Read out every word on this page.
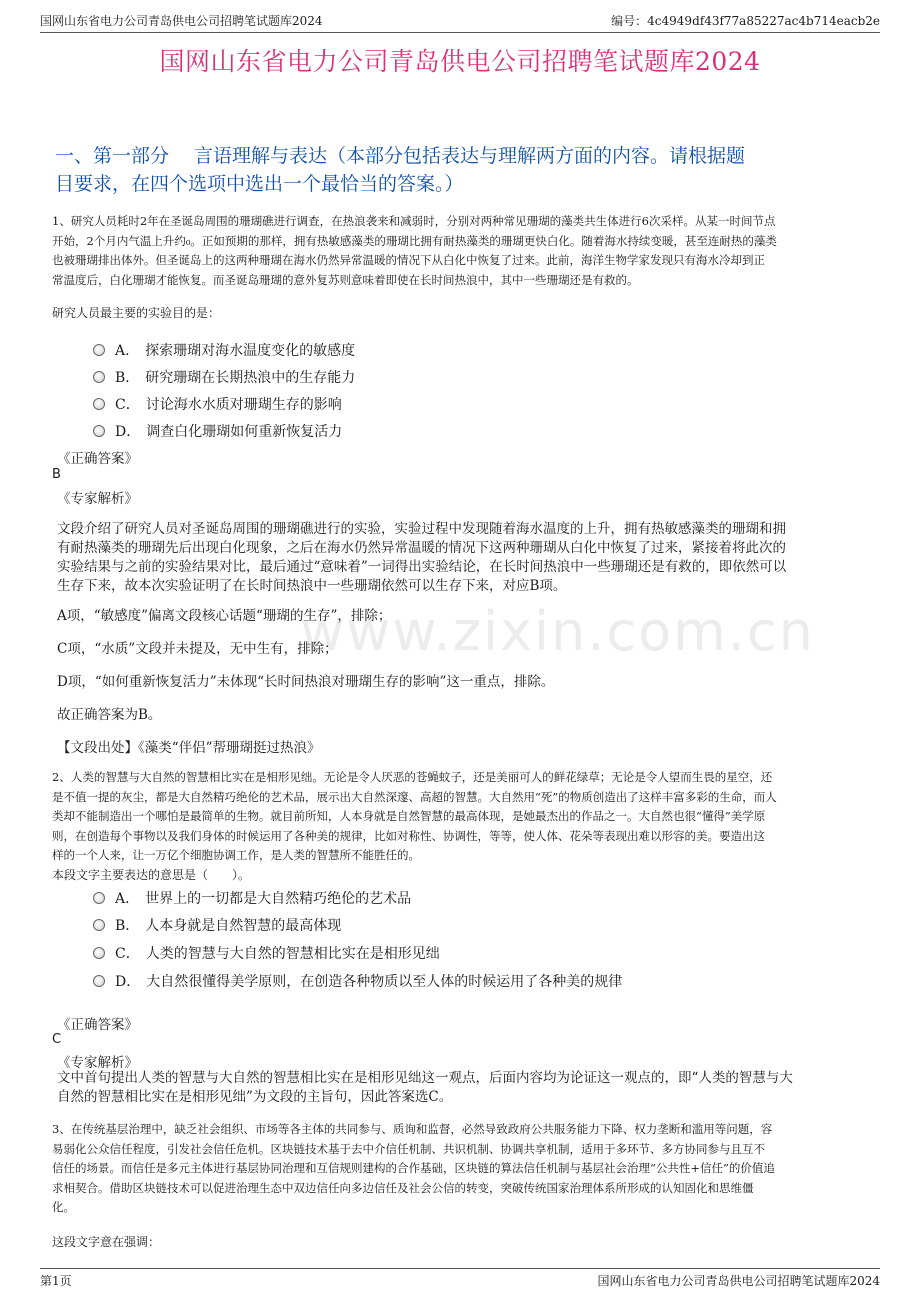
国网山东省电力公司青岛供电公司招聘笔试题库2024	编号：4c4949df43f77a85227ac4b714eacb2e
国网山东省电力公司青岛供电公司招聘笔试题库2024
www.zixin.com.cn
一、第一部分　 言语理解与表达（本部分包括表达与理解两方面的内容。请根据题
目要求，在四个选项中选出一个最恰当的答案。）
1、研究人员耗时2年在圣诞岛周围的珊瑚礁进行调查，在热浪袭来和减弱时，分别对两种常见珊瑚的藻类共生体进行6次采样。从某一时间节点
开始，2个月内气温上升约₀。正如预期的那样，拥有热敏感藻类的珊瑚比拥有耐热藻类的珊瑚更快白化。随着海水持续变暖，甚至连耐热的藻类
也被珊瑚排出体外。但圣诞岛上的这两种珊瑚在海水仍然异常温暖的情况下从白化中恢复了过来。此前，海洋生物学家发现只有海水冷却到正
常温度后，白化珊瑚才能恢复。而圣诞岛珊瑚的意外复苏则意味着即使在长时间热浪中，其中一些珊瑚还是有救的。
研究人员最主要的实验目的是：
A． 探索珊瑚对海水温度变化的敏感度
B． 研究珊瑚在长期热浪中的生存能力
C． 讨论海水水质对珊瑚生存的影响
D． 调查白化珊瑚如何重新恢复活力
《正确答案》
B
《专家解析》
文段介绍了研究人员对圣诞岛周围的珊瑚礁进行的实验，实验过程中发现随着海水温度的上升，拥有热敏感藻类的珊瑚和拥
有耐热藻类的珊瑚先后出现白化现象，之后在海水仍然异常温暖的情况下这两种珊瑚从白化中恢复了过来，紧接着将此次的
实验结果与之前的实验结果对比，最后通过“意味着”一词得出实验结论，在长时间热浪中一些珊瑚还是有救的，即依然可以
生存下来，故本次实验证明了在长时间热浪中一些珊瑚依然可以生存下来，对应B项。
A项，“敏感度”偏离文段核心话题“珊瑚的生存”，排除；
C项，“水质”文段并未提及，无中生有，排除；
D项，“如何重新恢复活力”未体现“长时间热浪对珊瑚生存的影响”这一重点，排除。
故正确答案为B。
【文段出处】《藻类“伴侣”帮珊瑚挺过热浪》
2、人类的智慧与大自然的智慧相比实在是相形见绌。无论是令人厌恶的苍蝇蚊子，还是美丽可人的鲜花绿草；无论是令人望而生畏的星空，还
是不值一提的灰尘，都是大自然精巧绝伦的艺术品，展示出大自然深邃、高超的智慧。大自然用“死”的物质创造出了这样丰富多彩的生命，而人
类却不能制造出一个哪怕是最简单的生物。就目前所知，人本身就是自然智慧的最高体现，是她最杰出的作品之一。大自然也很“懂得”美学原
则，在创造每个事物以及我们身体的时候运用了各种美的规律，比如对称性、协调性，等等，使人体、花朵等表现出难以形容的美。要造出这
样的一个人来，让一万亿个细胞协调工作，是人类的智慧所不能胜任的。
本段文字主要表达的意思是（　　）。
A． 世界上的一切都是大自然精巧绝伦的艺术品
B． 人本身就是自然智慧的最高体现
C． 人类的智慧与大自然的智慧相比实在是相形见绌
D． 大自然很懂得美学原则，在创造各种物质以至人体的时候运用了各种美的规律
《正确答案》
C
《专家解析》
文中首句提出人类的智慧与大自然的智慧相比实在是相形见绌这一观点，后面内容均为论证这一观点的，即“人类的智慧与大
自然的智慧相比实在是相形见绌”为文段的主旨句，因此答案选C。
3、在传统基层治理中，缺乏社会组织、市场等各主体的共同参与、质询和监督，必然导致政府公共服务能力下降、权力垄断和滥用等问题，容
易弱化公众信任程度，引发社会信任危机。区块链技术基于去中介信任机制、共识机制、协调共享机制，适用于多环节、多方协同参与且互不
信任的场景。而信任是多元主体进行基层协同治理和互信规则建构的合作基础，区块链的算法信任机制与基层社会治理“公共性+信任”的价值追
求相契合。借助区块链技术可以促进治理生态中双边信任向多边信任及社会公信的转变，突破传统国家治理体系所形成的认知固化和思维僵
化。
这段文字意在强调：
第1页	国网山东省电力公司青岛供电公司招聘笔试题库2024
